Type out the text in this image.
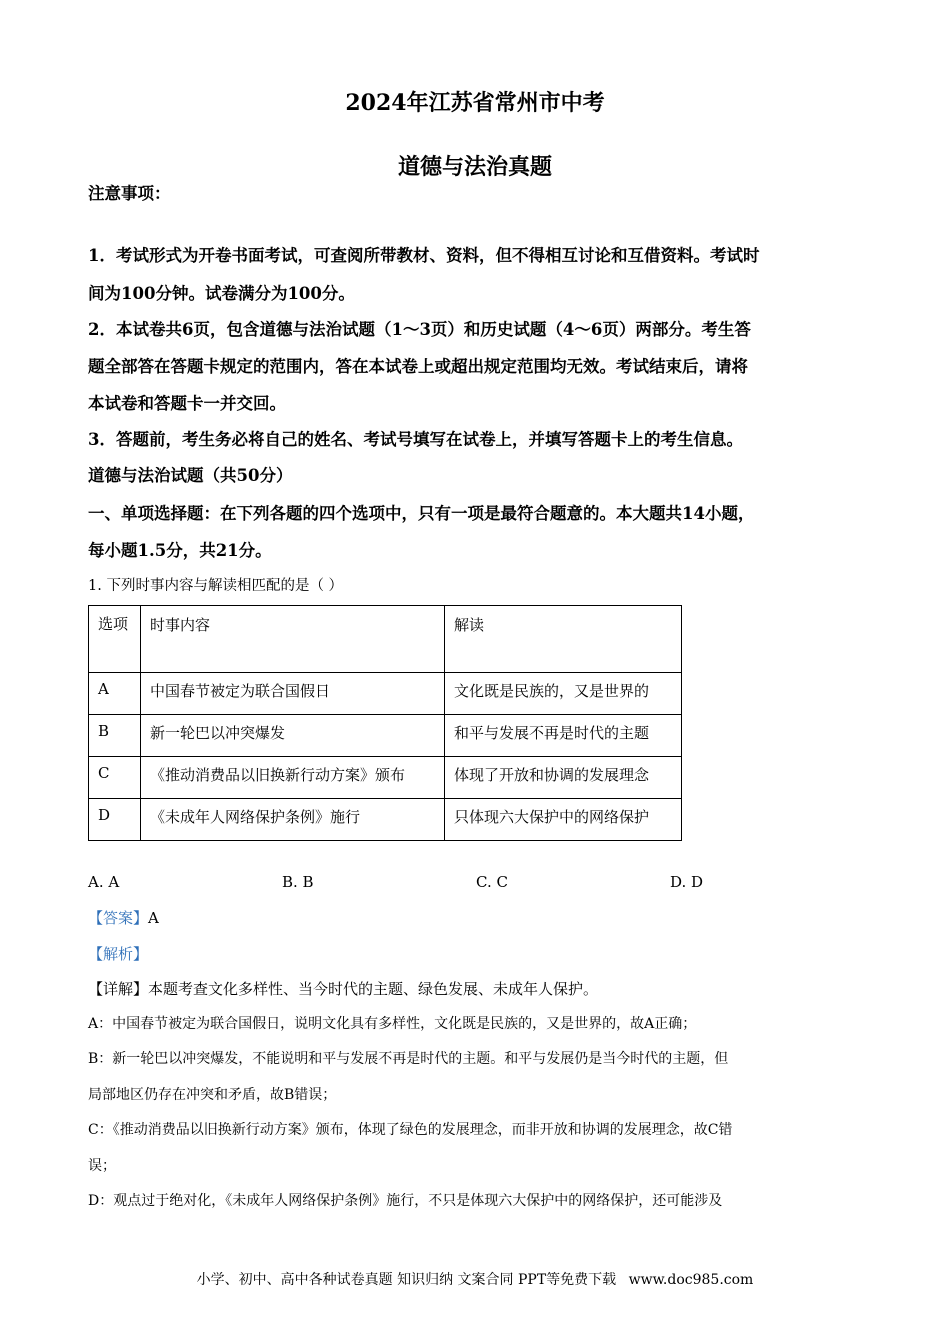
2024年江苏省常州市中考
道德与法治真题
注意事项：
1．考试形式为开卷书面考试，可查阅所带教材、资料，但不得相互讨论和互借资料。考试时
间为100分钟。试卷满分为100分。
2．本试卷共6页，包含道德与法治试题（1～3页）和历史试题（4～6页）两部分。考生答
题全部答在答题卡规定的范围内，答在本试卷上或超出规定范围均无效。考试结束后，请将
本试卷和答题卡一并交回。
3．答题前，考生务必将自己的姓名、考试号填写在试卷上，并填写答题卡上的考生信息。
道德与法治试题（共50分）
一、单项选择题：在下列各题的四个选项中，只有一项是最符合题意的。本大题共14小题，
每小题1.5分，共21分。
1. 下列时事内容与解读相匹配的是（ ）
选项	时事内容	解读
A	中国春节被定为联合国假日	文化既是民族的，又是世界的
B	新一轮巴以冲突爆发	和平与发展不再是时代的主题
C	《推动消费品以旧换新行动方案》颁布	体现了开放和协调的发展理念
D	《未成年人网络保护条例》施行	只体现六大保护中的网络保护
A. A	B. B	C. C	D. D
【答案】A
【解析】
【详解】本题考查文化多样性、当今时代的主题、绿色发展、未成年人保护。
A：中国春节被定为联合国假日，说明文化具有多样性，文化既是民族的，又是世界的，故A正确；
B：新一轮巴以冲突爆发，不能说明和平与发展不再是时代的主题。和平与发展仍是当今时代的主题，但
局部地区仍存在冲突和矛盾，故B错误；
C：《推动消费品以旧换新行动方案》颁布，体现了绿色的发展理念，而非开放和协调的发展理念，故C错
误；
D：观点过于绝对化，《未成年人网络保护条例》施行，不只是体现六大保护中的网络保护，还可能涉及
小学、初中、高中各种试卷真题 知识归纳 文案合同 PPT等免费下载 www.doc985.com
